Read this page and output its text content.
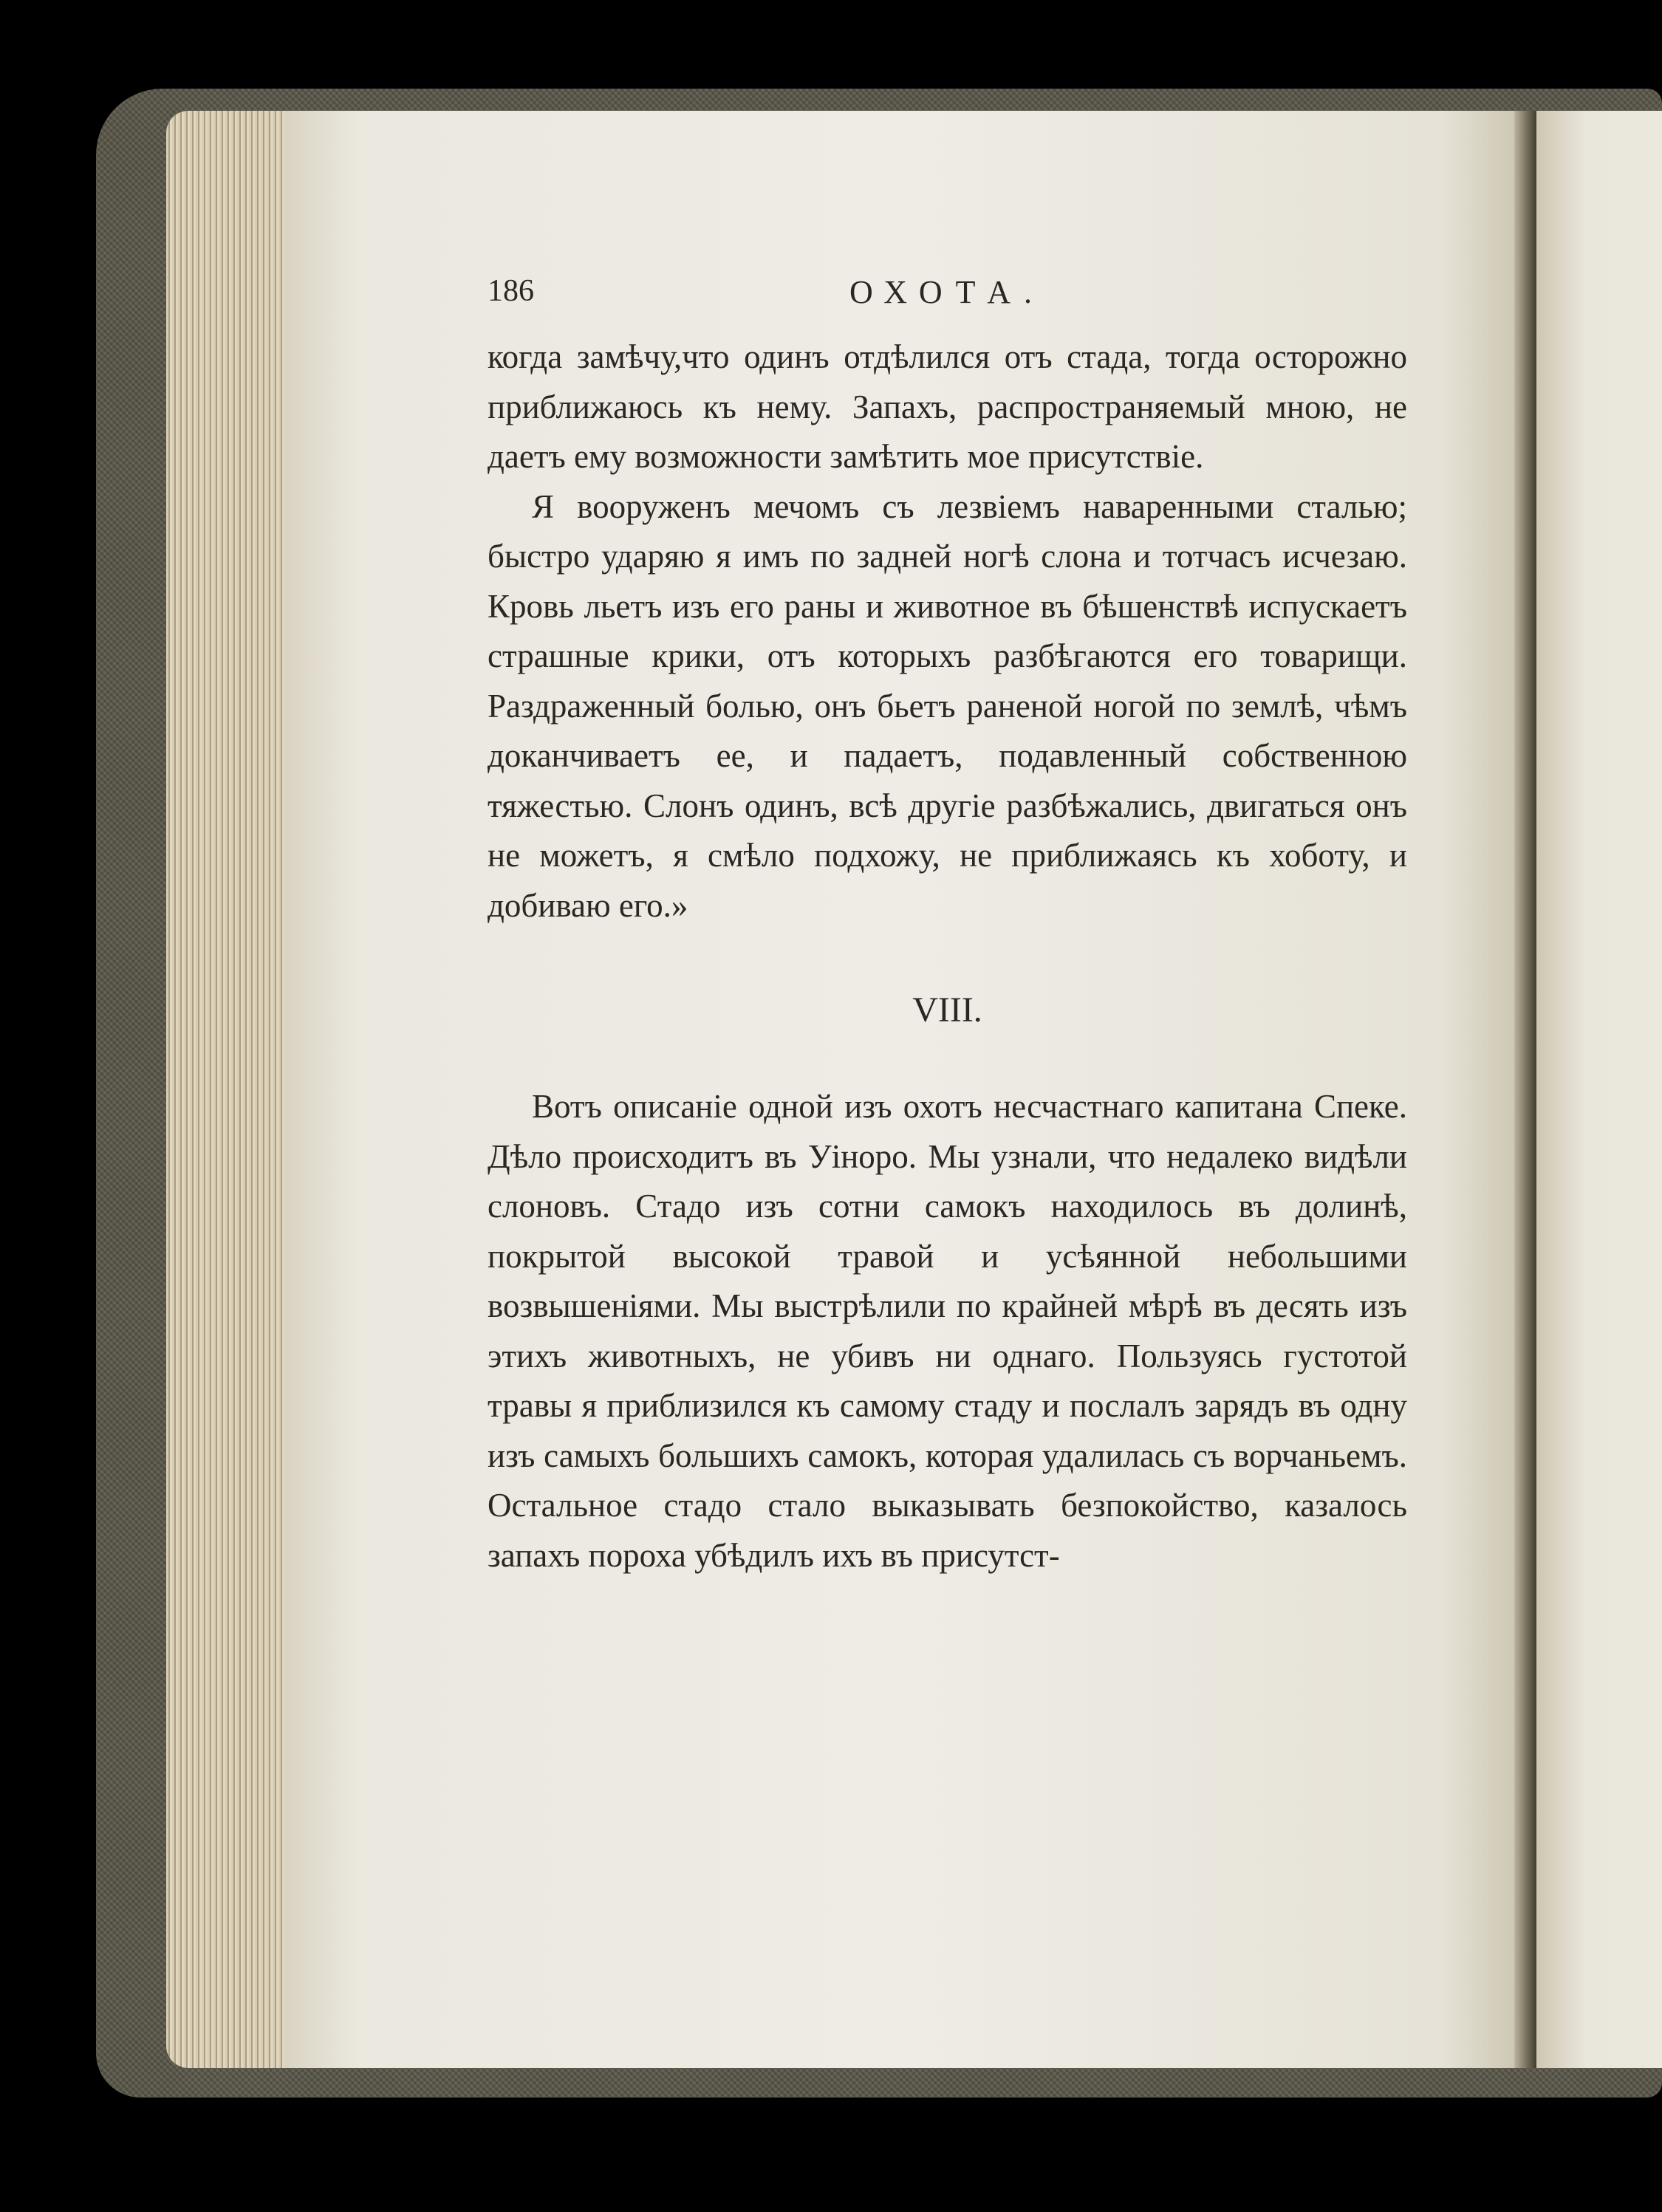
186	ОХОТА.

когда замѣчу,что одинъ отдѣлился отъ стада, тогда осторожно приближаюсь къ нему. Запахъ, распространяемый мною, не даетъ ему возможности замѣтить мое присутствіе.

Я вооруженъ мечомъ съ лезвіемъ наваренными сталью; быстро ударяю я имъ по задней ногѣ слона и тотчасъ исчезаю. Кровь льетъ изъ его раны и животное въ бѣшенствѣ испускаетъ страшные крики, отъ которыхъ разбѣгаются его товарищи. Раздраженный болью, онъ бьетъ раненой ногой по землѣ, чѣмъ доканчиваетъ ее, и падаетъ, подавленный собственною тяжестью. Слонъ одинъ, всѣ другіе разбѣжались, двигаться онъ не можетъ, я смѣло подхожу, не приближаясь къ хоботу, и добиваю его.»

VIII.

Вотъ описаніе одной изъ охотъ несчастнаго капитана Спеке. Дѣло происходитъ въ Уіноро. Мы узнали, что недалеко видѣли слоновъ. Стадо изъ сотни самокъ находилось въ долинѣ, покрытой высокой травой и усѣянной небольшими возвышеніями. Мы выстрѣлили по крайней мѣрѣ въ десять изъ этихъ животныхъ, не убивъ ни однаго. Пользуясь густотой травы я приблизился къ самому стаду и послалъ зарядъ въ одну изъ самыхъ большихъ самокъ, которая удалилась съ ворчаньемъ. Остальное стадо стало выказывать безпокойство, казалось запахъ пороха убѣдилъ ихъ въ присутст-
